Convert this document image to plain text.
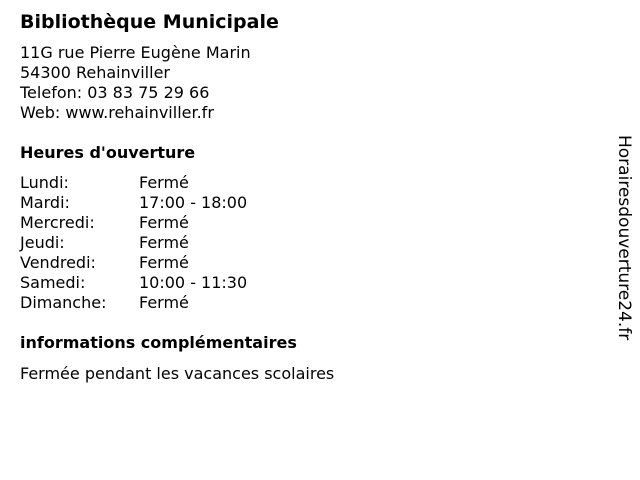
Bibliothèque Municipale
11G rue Pierre Eugène Marin
54300 Rehainviller
Telefon: 03 83 75 29 66
Web: www.rehainviller.fr
Heures d'ouverture
Lundi:	Fermé
Mardi:	17:00 - 18:00
Mercredi:	Fermé
Jeudi:	Fermé
Vendredi:	Fermé
Samedi:	10:00 - 11:30
Dimanche:	Fermé
informations complémentaires
Fermée pendant les vacances scolaires
Horairesdouverture24.fr
